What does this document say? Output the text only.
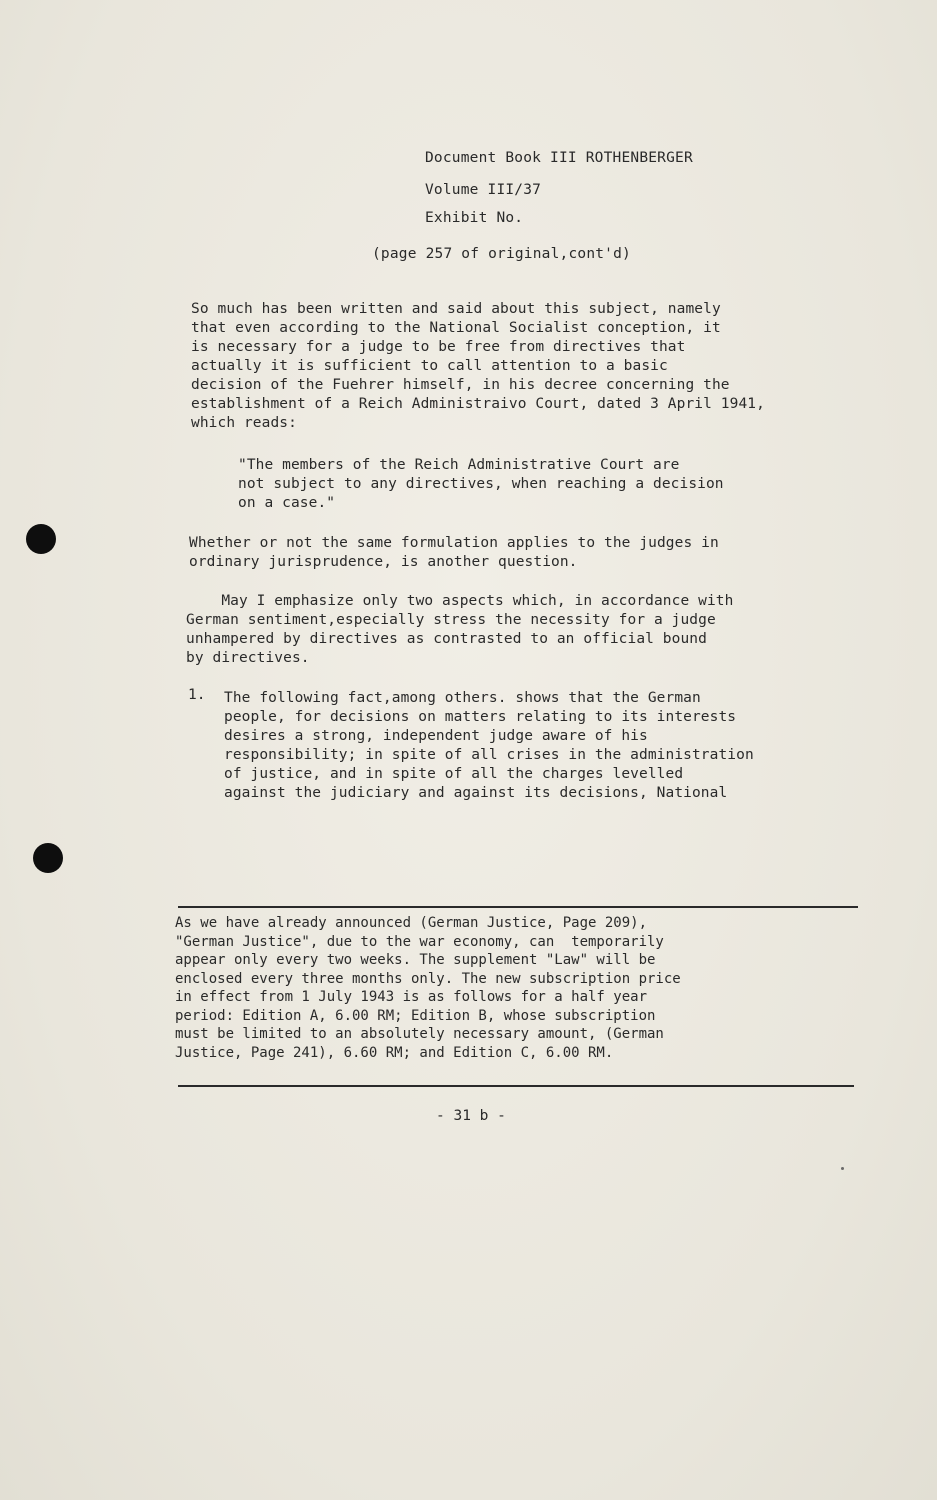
Document Book III ROTHENBERGER
Volume III/37
Exhibit No.
(page 257 of original,cont'd)
So much has been written and said about this subject, namely
that even according to the National Socialist conception, it
is necessary for a judge to be free from directives that
actually it is sufficient to call attention to a basic
decision of the Fuehrer himself, in his decree concerning the
establishment of a Reich Administraivo Court, dated 3 April 1941,
which reads:
"The members of the Reich Administrative Court are
not subject to any directives, when reaching a decision
on a case."
Whether or not the same formulation applies to the judges in
ordinary jurisprudence, is another question.
May I emphasize only two aspects which, in accordance with
German sentiment,especially stress the necessity for a judge
unhampered by directives as contrasted to an official bound
by directives.
1. The following fact,among others. shows that the German
people, for decisions on matters relating to its interests
desires a strong, independent judge aware of his
responsibility; in spite of all crises in the administration
of justice, and in spite of all the charges levelled
against the judiciary and against its decisions, National
As we have already announced (German Justice, Page 209),
"German Justice", due to the war economy, can  temporarily
appear only every two weeks. The supplement "Law" will be
enclosed every three months only. The new subscription price
in effect from 1 July 1943 is as follows for a half year
period: Edition A, 6.00 RM; Edition B, whose subscription
must be limited to an absolutely necessary amount, (German
Justice, Page 241), 6.60 RM; and Edition C, 6.00 RM.
- 31 b -
